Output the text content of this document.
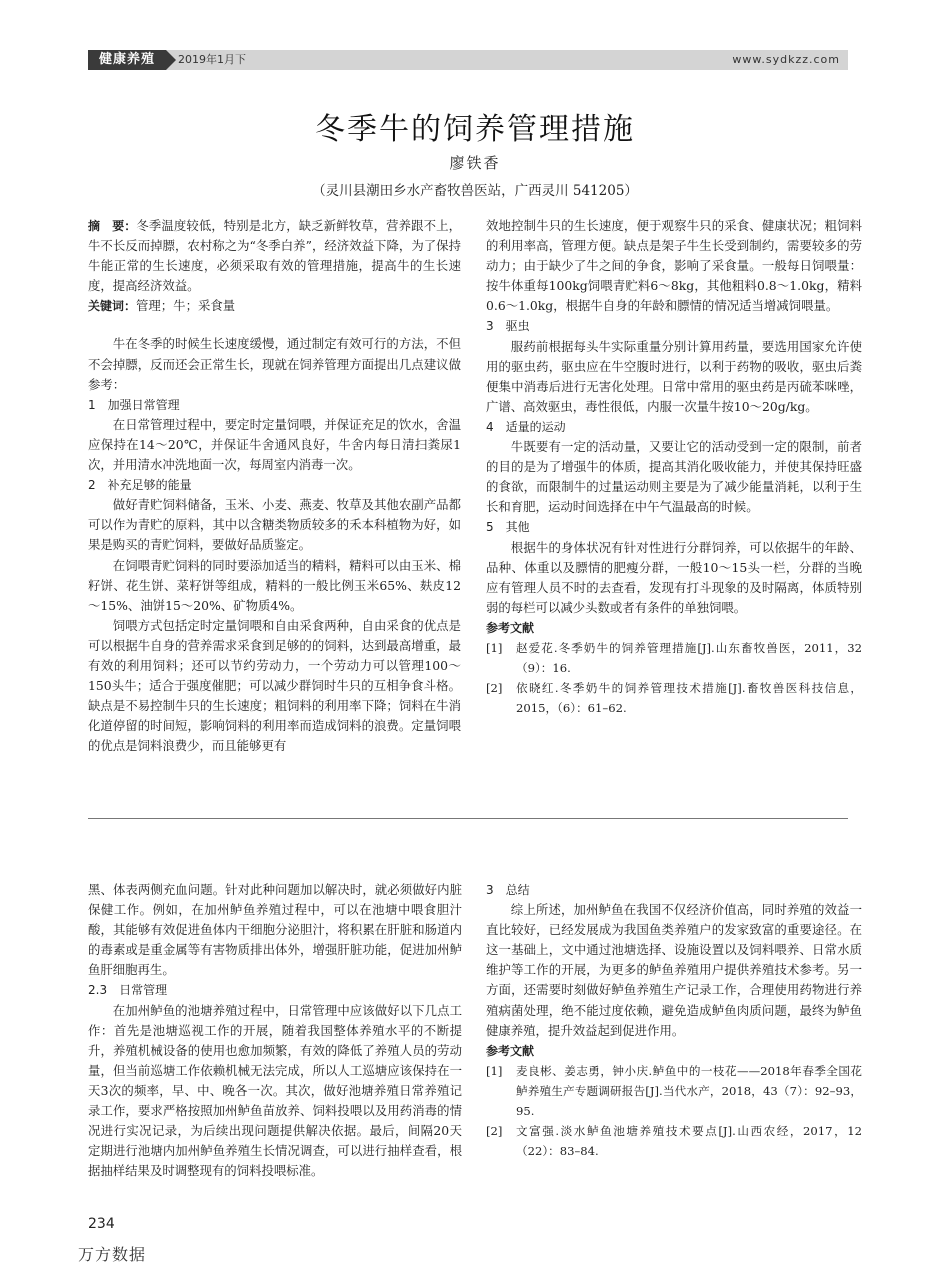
健康养殖	2019年1月下	www.sydkzz.com
冬季牛的饲养管理措施
廖铁香
（灵川县潮田乡水产畜牧兽医站，广西灵川 541205）

摘　要：冬季温度较低，特别是北方，缺乏新鲜牧草，营养跟不上，牛不长反而掉膘，农村称之为“冬季白养”，经济效益下降，为了保持牛能正常的生长速度，必须采取有效的管理措施，提高牛的生长速度，提高经济效益。

关键词：管理；牛；采食量

牛在冬季的时候生长速度缓慢，通过制定有效可行的方法，不但不会掉膘，反而还会正常生长，现就在饲养管理方面提出几点建议做参考：

1　加强日常管理

在日常管理过程中，要定时定量饲喂，并保证充足的饮水，舍温应保持在14～20℃，并保证牛舍通风良好，牛舍内每日清扫粪尿1次，并用清水冲洗地面一次，每周室内消毒一次。

2　补充足够的能量

做好青贮饲料储备，玉米、小麦、燕麦、牧草及其他农副产品都可以作为青贮的原料，其中以含糖类物质较多的禾本科植物为好，如果是购买的青贮饲料，要做好品质鉴定。

在饲喂青贮饲料的同时要添加适当的精料，精料可以由玉米、棉籽饼、花生饼、菜籽饼等组成，精料的一般比例玉米65%、麸皮12～15%、油饼15～20%、矿物质4%。

饲喂方式包括定时定量饲喂和自由采食两种，自由采食的优点是可以根据牛自身的营养需求采食到足够的的饲料，达到最高增重，最有效的利用饲料；还可以节约劳动力，一个劳动力可以管理100～150头牛；适合于强度催肥；可以减少群饲时牛只的互相争食斗格。缺点是不易控制牛只的生长速度；粗饲料的利用率下降；饲料在牛消化道停留的时间短，影响饲料的利用率而造成饲料的浪费。定量饲喂的优点是饲料浪费少，而且能够更有

效地控制牛只的生长速度，便于观察牛只的采食、健康状况；粗饲料的利用率高，管理方便。缺点是架子牛生长受到制约，需要较多的劳动力；由于缺少了牛之间的争食，影响了采食量。一般每日饲喂量：按牛体重每100kg饲喂青贮料6～8kg，其他粗料0.8～1.0kg，精料0.6～1.0kg，根据牛自身的年龄和膘情的情况适当增减饲喂量。

3　驱虫

服药前根据每头牛实际重量分别计算用药量，要选用国家允许使用的驱虫药，驱虫应在牛空腹时进行，以利于药物的吸收，驱虫后粪便集中消毒后进行无害化处理。日常中常用的驱虫药是丙硫苯咪唑，广谱、高效驱虫，毒性很低，内服一次量牛按10～20g/kg。

4　适量的运动

牛既要有一定的活动量，又要让它的活动受到一定的限制，前者的目的是为了增强牛的体质，提高其消化吸收能力，并使其保持旺盛的食欲，而限制牛的过量运动则主要是为了减少能量消耗，以利于生长和育肥，运动时间选择在中午气温最高的时候。

5　其他

根据牛的身体状况有针对性进行分群饲养，可以依据牛的年龄、品种、体重以及膘情的肥瘦分群，一般10～15头一栏，分群的当晚应有管理人员不时的去查看，发现有打斗现象的及时隔离，体质特别弱的每栏可以减少头数或者有条件的单独饲喂。

参考文献

[1]	赵爱花.冬季奶牛的饲养管理措施[J].山东畜牧兽医，2011，32（9）：16.
[2]	依晓红.冬季奶牛的饲养管理技术措施[J].畜牧兽医科技信息，2015，（6）：61–62.

黑、体表两侧充血问题。针对此种问题加以解决时，就必须做好内脏保健工作。例如，在加州鲈鱼养殖过程中，可以在池塘中喂食胆汁酸，其能够有效促进鱼体内干细胞分泌胆汁，将积累在肝脏和肠道内的毒素或是重金属等有害物质排出体外，增强肝脏功能，促进加州鲈鱼肝细胞再生。

2.3　日常管理

在加州鲈鱼的池塘养殖过程中，日常管理中应该做好以下几点工作：首先是池塘巡视工作的开展，随着我国整体养殖水平的不断提升，养殖机械设备的使用也愈加频繁，有效的降低了养殖人员的劳动量，但当前巡塘工作依赖机械无法完成，所以人工巡塘应该保持在一天3次的频率，早、中、晚各一次。其次，做好池塘养殖日常养殖记录工作，要求严格按照加州鲈鱼苗放养、饲料投喂以及用药消毒的情况进行实况记录，为后续出现问题提供解决依据。最后，间隔20天定期进行池塘内加州鲈鱼养殖生长情况调查，可以进行抽样查看，根据抽样结果及时调整现有的饲料投喂标准。

3　总结

综上所述，加州鲈鱼在我国不仅经济价值高，同时养殖的效益一直比较好，已经发展成为我国鱼类养殖户的发家致富的重要途径。在这一基础上，文中通过池塘选择、设施设置以及饲料喂养、日常水质维护等工作的开展，为更多的鲈鱼养殖用户提供养殖技术参考。另一方面，还需要时刻做好鲈鱼养殖生产记录工作，合理使用药物进行养殖病菌处理，绝不能过度依赖，避免造成鲈鱼肉质问题，最终为鲈鱼健康养殖，提升效益起到促进作用。

参考文献

[1]	麦良彬、姜志勇，钟小庆.鲈鱼中的一枝花——2018年春季全国花鲈养殖生产专题调研报告[J].当代水产，2018，43（7）：92–93，95.
[2]	文富强.淡水鲈鱼池塘养殖技术要点[J].山西农经，2017，12（22）：83–84.
234
万方数据
